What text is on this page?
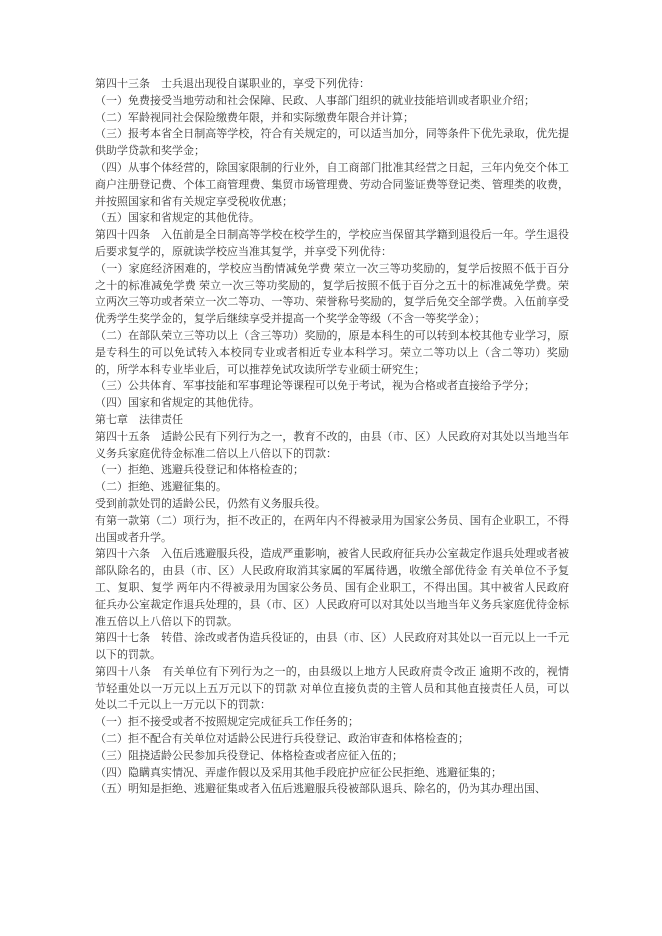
第四十三条　士兵退出现役自谋职业的，享受下列优待：

（一）免费接受当地劳动和社会保障、民政、人事部门组织的就业技能培训或者职业介绍；

（二）军龄视同社会保险缴费年限，并和实际缴费年限合并计算；

（三）报考本省全日制高等学校，符合有关规定的，可以适当加分，同等条件下优先录取，优先提供助学贷款和奖学金；

（四）从事个体经营的，除国家限制的行业外，自工商部门批准其经营之日起，三年内免交个体工商户注册登记费、个体工商管理费、集贸市场管理费、劳动合同鉴证费等登记类、管理类的收费，并按照国家和省有关规定享受税收优惠；

（五）国家和省规定的其他优待。

第四十四条　入伍前是全日制高等学校在校学生的，学校应当保留其学籍到退役后一年。学生退役后要求复学的，原就读学校应当准其复学，并享受下列优待：

（一）家庭经济困难的，学校应当酌情减免学费 荣立一次三等功奖励的，复学后按照不低于百分之十的标准减免学费 荣立一次三等功奖励的，复学后按照不低于百分之五十的标准减免学费。荣立两次三等功或者荣立一次二等功、一等功、荣誉称号奖励的，复学后免交全部学费。入伍前享受优秀学生奖学金的，复学后继续享受并提高一个奖学金等级（不含一等奖学金）；

（二）在部队荣立三等功以上（含三等功）奖励的，原是本科生的可以转到本校其他专业学习，原是专科生的可以免试转入本校同专业或者相近专业本科学习。荣立二等功以上（含二等功）奖励的，所学本科专业毕业后，可以推荐免试攻读所学专业硕士研究生；

（三）公共体育、军事技能和军事理论等课程可以免于考试，视为合格或者直接给予学分；

（四）国家和省规定的其他优待。

第七章　法律责任

第四十五条　适龄公民有下列行为之一，教育不改的，由县（市、区）人民政府对其处以当地当年义务兵家庭优待金标准二倍以上八倍以下的罚款：

（一）拒绝、逃避兵役登记和体格检查的；

（二）拒绝、逃避征集的。

受到前款处罚的适龄公民，仍然有义务服兵役。

有第一款第（二）项行为，拒不改正的，在两年内不得被录用为国家公务员、国有企业职工，不得出国或者升学。

第四十六条　入伍后逃避服兵役，造成严重影响，被省人民政府征兵办公室裁定作退兵处理或者被部队除名的，由县（市、区）人民政府取消其家属的军属待遇，收缴全部优待金 有关单位不予复工、复职、复学 两年内不得被录用为国家公务员、国有企业职工，不得出国。其中被省人民政府征兵办公室裁定作退兵处理的，县（市、区）人民政府可以对其处以当地当年义务兵家庭优待金标准五倍以上八倍以下的罚款。

第四十七条　转借、涂改或者伪造兵役证的，由县（市、区）人民政府对其处以一百元以上一千元以下的罚款。

第四十八条　有关单位有下列行为之一的，由县级以上地方人民政府责令改正 逾期不改的，视情节轻重处以一万元以上五万元以下的罚款 对单位直接负责的主管人员和其他直接责任人员，可以处以二千元以上一万元以下的罚款：

（一）拒不接受或者不按照规定完成征兵工作任务的；

（二）拒不配合有关单位对适龄公民进行兵役登记、政治审查和体格检查的；

（三）阻挠适龄公民参加兵役登记、体格检查或者应征入伍的；

（四）隐瞒真实情况、弄虚作假以及采用其他手段庇护应征公民拒绝、逃避征集的；

（五）明知是拒绝、逃避征集或者入伍后逃避服兵役被部队退兵、除名的，仍为其办理出国、
